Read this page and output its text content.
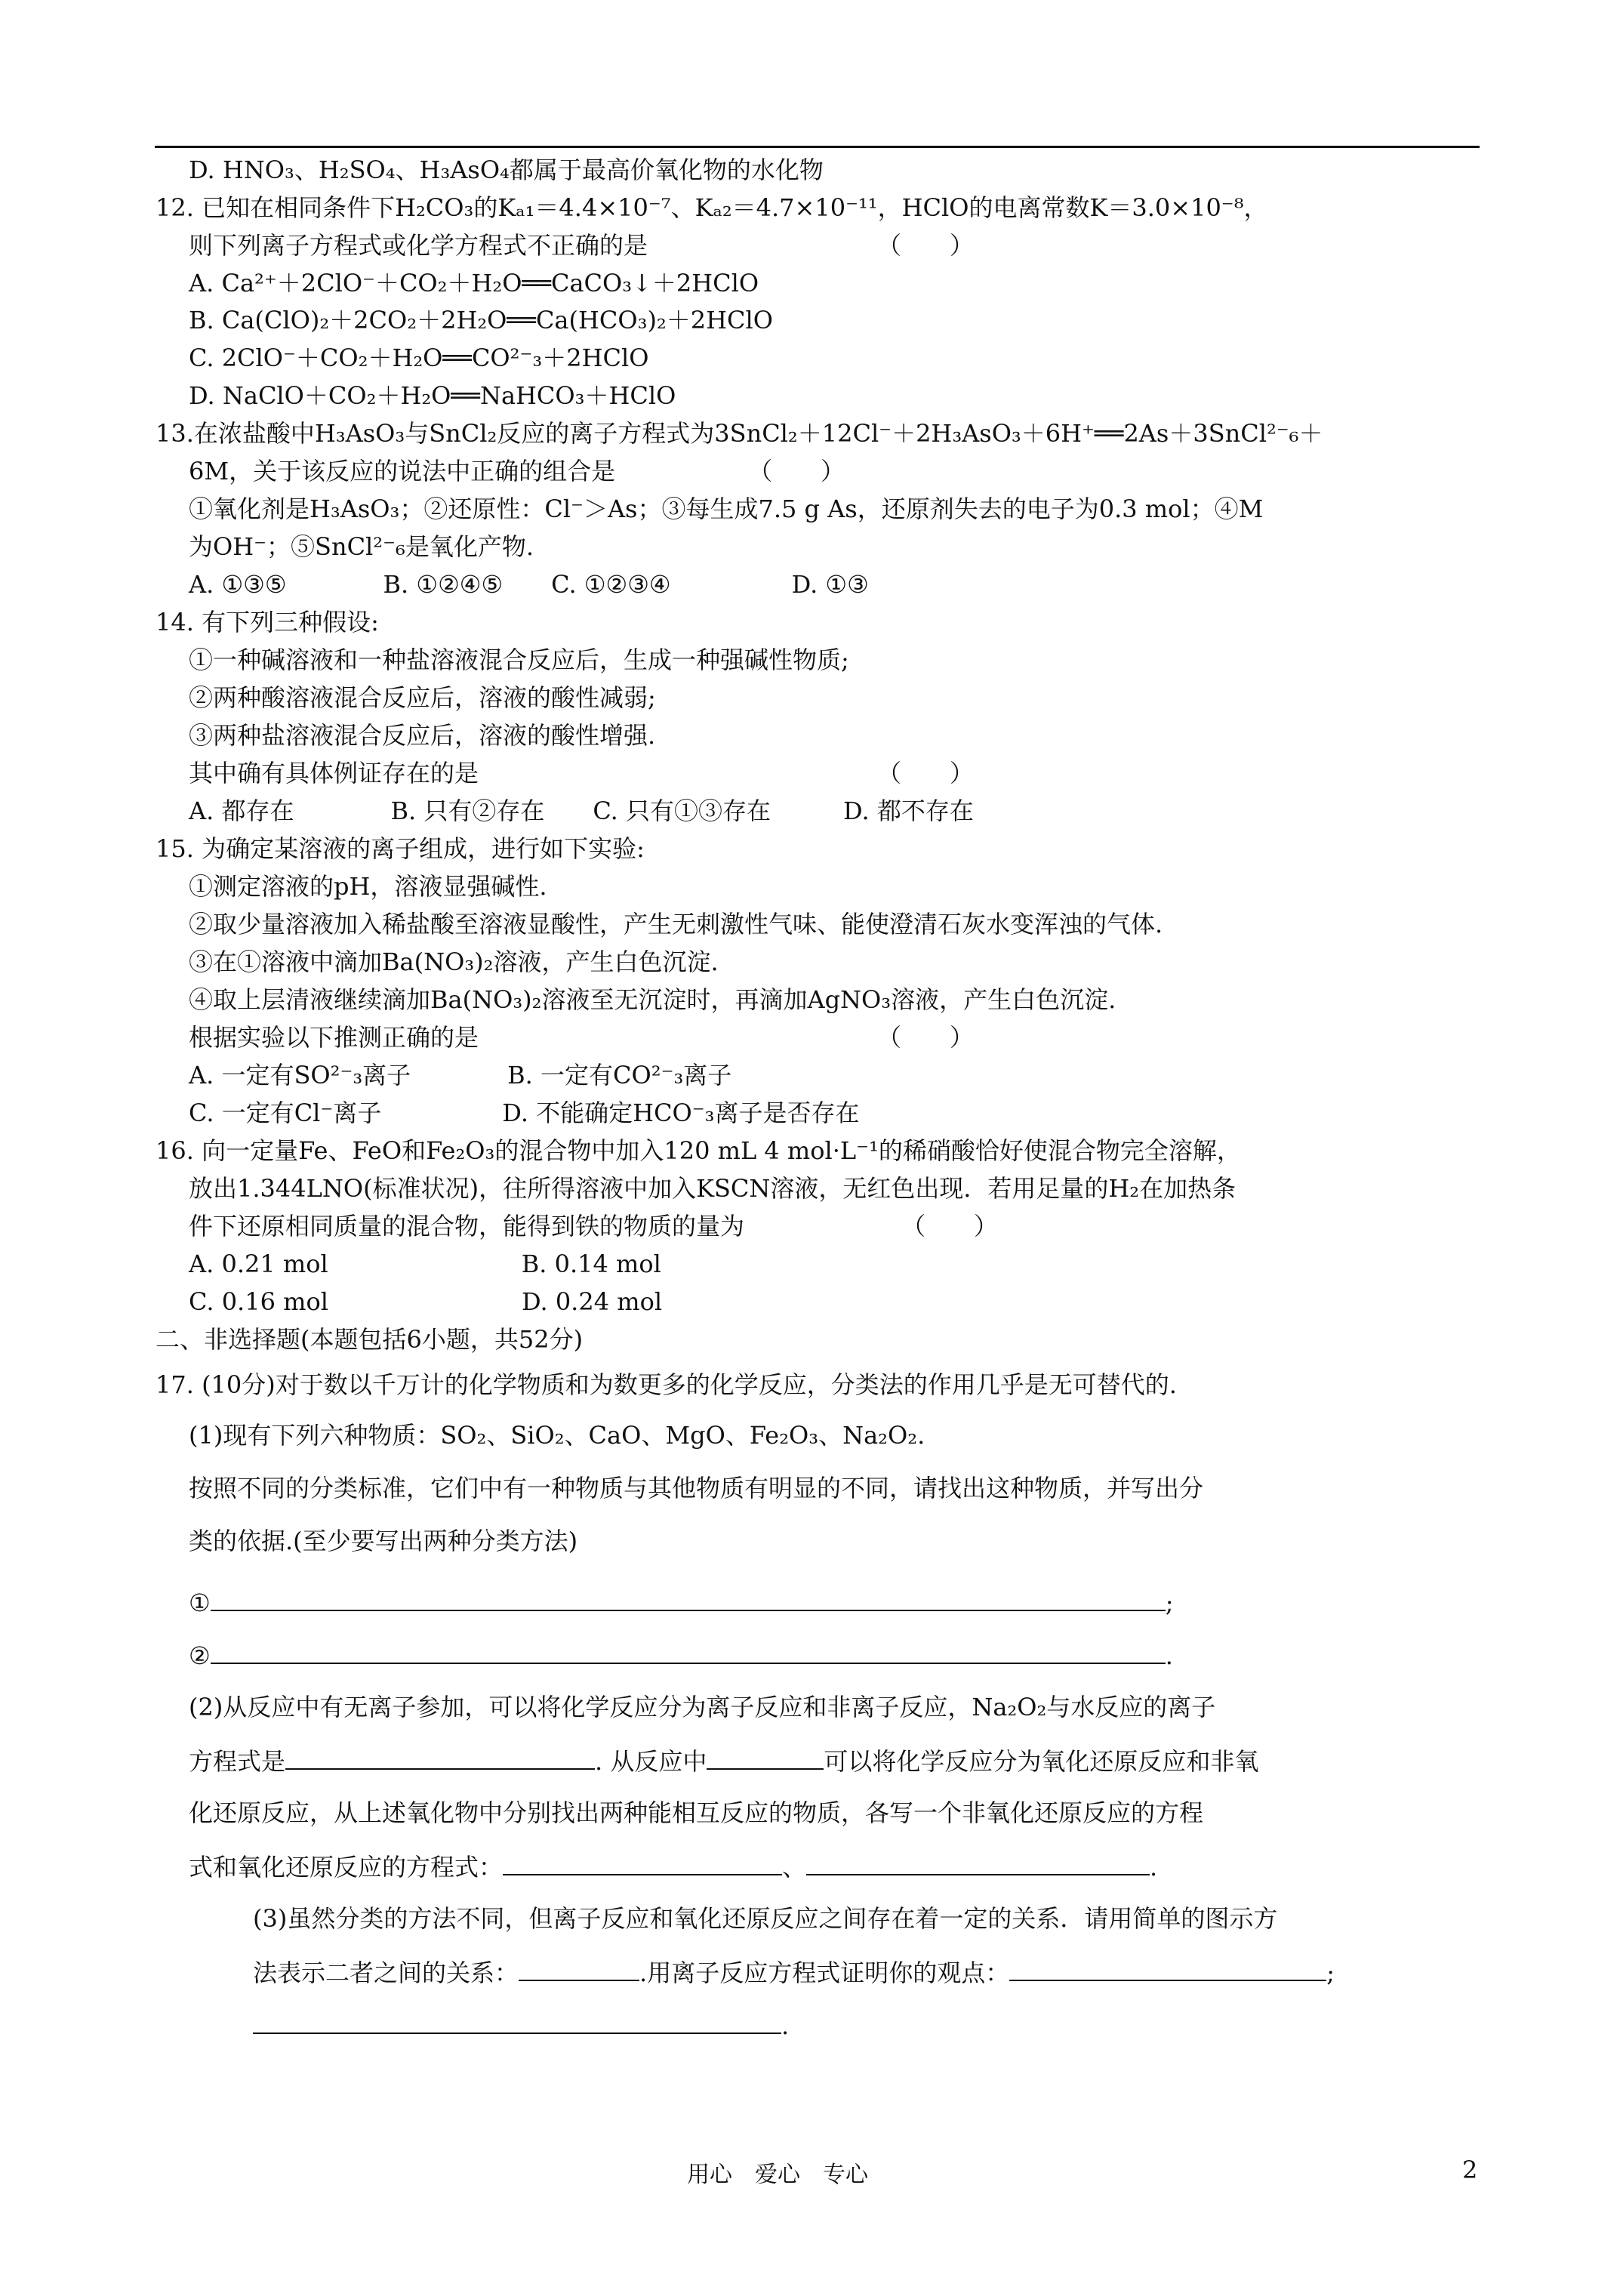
D. HNO₃、H₂SO₄、H₃AsO₄都属于最高价氧化物的水化物
12. 已知在相同条件下H₂CO₃的Kₐ₁＝4.4×10⁻⁷、Kₐ₂＝4.7×10⁻¹¹，HClO的电离常数K＝3.0×10⁻⁸，
则下列离子方程式或化学方程式不正确的是　　　　　　　　　　（　　）
A. Ca²⁺＋2ClO⁻＋CO₂＋H₂O══CaCO₃↓＋2HClO
B. Ca(ClO)₂＋2CO₂＋2H₂O══Ca(HCO₃)₂＋2HClO
C. 2ClO⁻＋CO₂＋H₂O══CO²⁻₃＋2HClO
D. NaClO＋CO₂＋H₂O══NaHCO₃＋HClO
13.在浓盐酸中H₃AsO₃与SnCl₂反应的离子方程式为3SnCl₂＋12Cl⁻＋2H₃AsO₃＋6H⁺══2As＋3SnCl²⁻₆＋
6M，关于该反应的说法中正确的组合是　　　　　　（　　）
①氧化剂是H₃AsO₃；②还原性：Cl⁻＞As；③每生成7.5 g As，还原剂失去的电子为0.3 mol；④M
为OH⁻；⑤SnCl²⁻₆是氧化产物.
A. ①③⑤　　　　B. ①②④⑤　　C. ①②③④　　　　　D. ①③
14. 有下列三种假设:
①一种碱溶液和一种盐溶液混合反应后，生成一种强碱性物质;
②两种酸溶液混合反应后，溶液的酸性减弱;
③两种盐溶液混合反应后，溶液的酸性增强.
其中确有具体例证存在的是　　　　　　　　　　　　　　　　　（　　）
A. 都存在　　　　B. 只有②存在　　C. 只有①③存在　　　D. 都不存在
15. 为确定某溶液的离子组成，进行如下实验:
①测定溶液的pH，溶液显强碱性.
②取少量溶液加入稀盐酸至溶液显酸性，产生无刺激性气味、能使澄清石灰水变浑浊的气体.
③在①溶液中滴加Ba(NO₃)₂溶液，产生白色沉淀.
④取上层清液继续滴加Ba(NO₃)₂溶液至无沉淀时，再滴加AgNO₃溶液，产生白色沉淀.
根据实验以下推测正确的是　　　　　　　　　　　　　　　　　（　　）
A. 一定有SO²⁻₃离子　　　　B. 一定有CO²⁻₃离子
C. 一定有Cl⁻离子　　　　　D. 不能确定HCO⁻₃离子是否存在
16. 向一定量Fe、FeO和Fe₂O₃的混合物中加入120 mL 4 mol·L⁻¹的稀硝酸恰好使混合物完全溶解，
放出1.344LNO(标准状况)，往所得溶液中加入KSCN溶液，无红色出现．若用足量的H₂在加热条
件下还原相同质量的混合物，能得到铁的物质的量为　　　　　　　（　　）
A. 0.21 mol　　　　　　　　B. 0.14 mol
C. 0.16 mol　　　　　　　　D. 0.24 mol
二、非选择题(本题包括6小题，共52分)
17. (10分)对于数以千万计的化学物质和为数更多的化学反应，分类法的作用几乎是无可替代的.
(1)现有下列六种物质：SO₂、SiO₂、CaO、MgO、Fe₂O₃、Na₂O₂.
按照不同的分类标准，它们中有一种物质与其他物质有明显的不同，请找出这种物质，并写出分
类的依据.(至少要写出两种分类方法)
①	;
②	.
(2)从反应中有无离子参加，可以将化学反应分为离子反应和非离子反应，Na₂O₂与水反应的离子
方程式是	. 从反应中	可以将化学反应分为氧化还原反应和非氧
化还原反应，从上述氧化物中分别找出两种能相互反应的物质，各写一个非氧化还原反应的方程
式和氧化还原反应的方程式：	、	.
(3)虽然分类的方法不同，但离子反应和氧化还原反应之间存在着一定的关系．请用简单的图示方
法表示二者之间的关系：	.用离子反应方程式证明你的观点：	;
.
用心　爱心　专心	2
